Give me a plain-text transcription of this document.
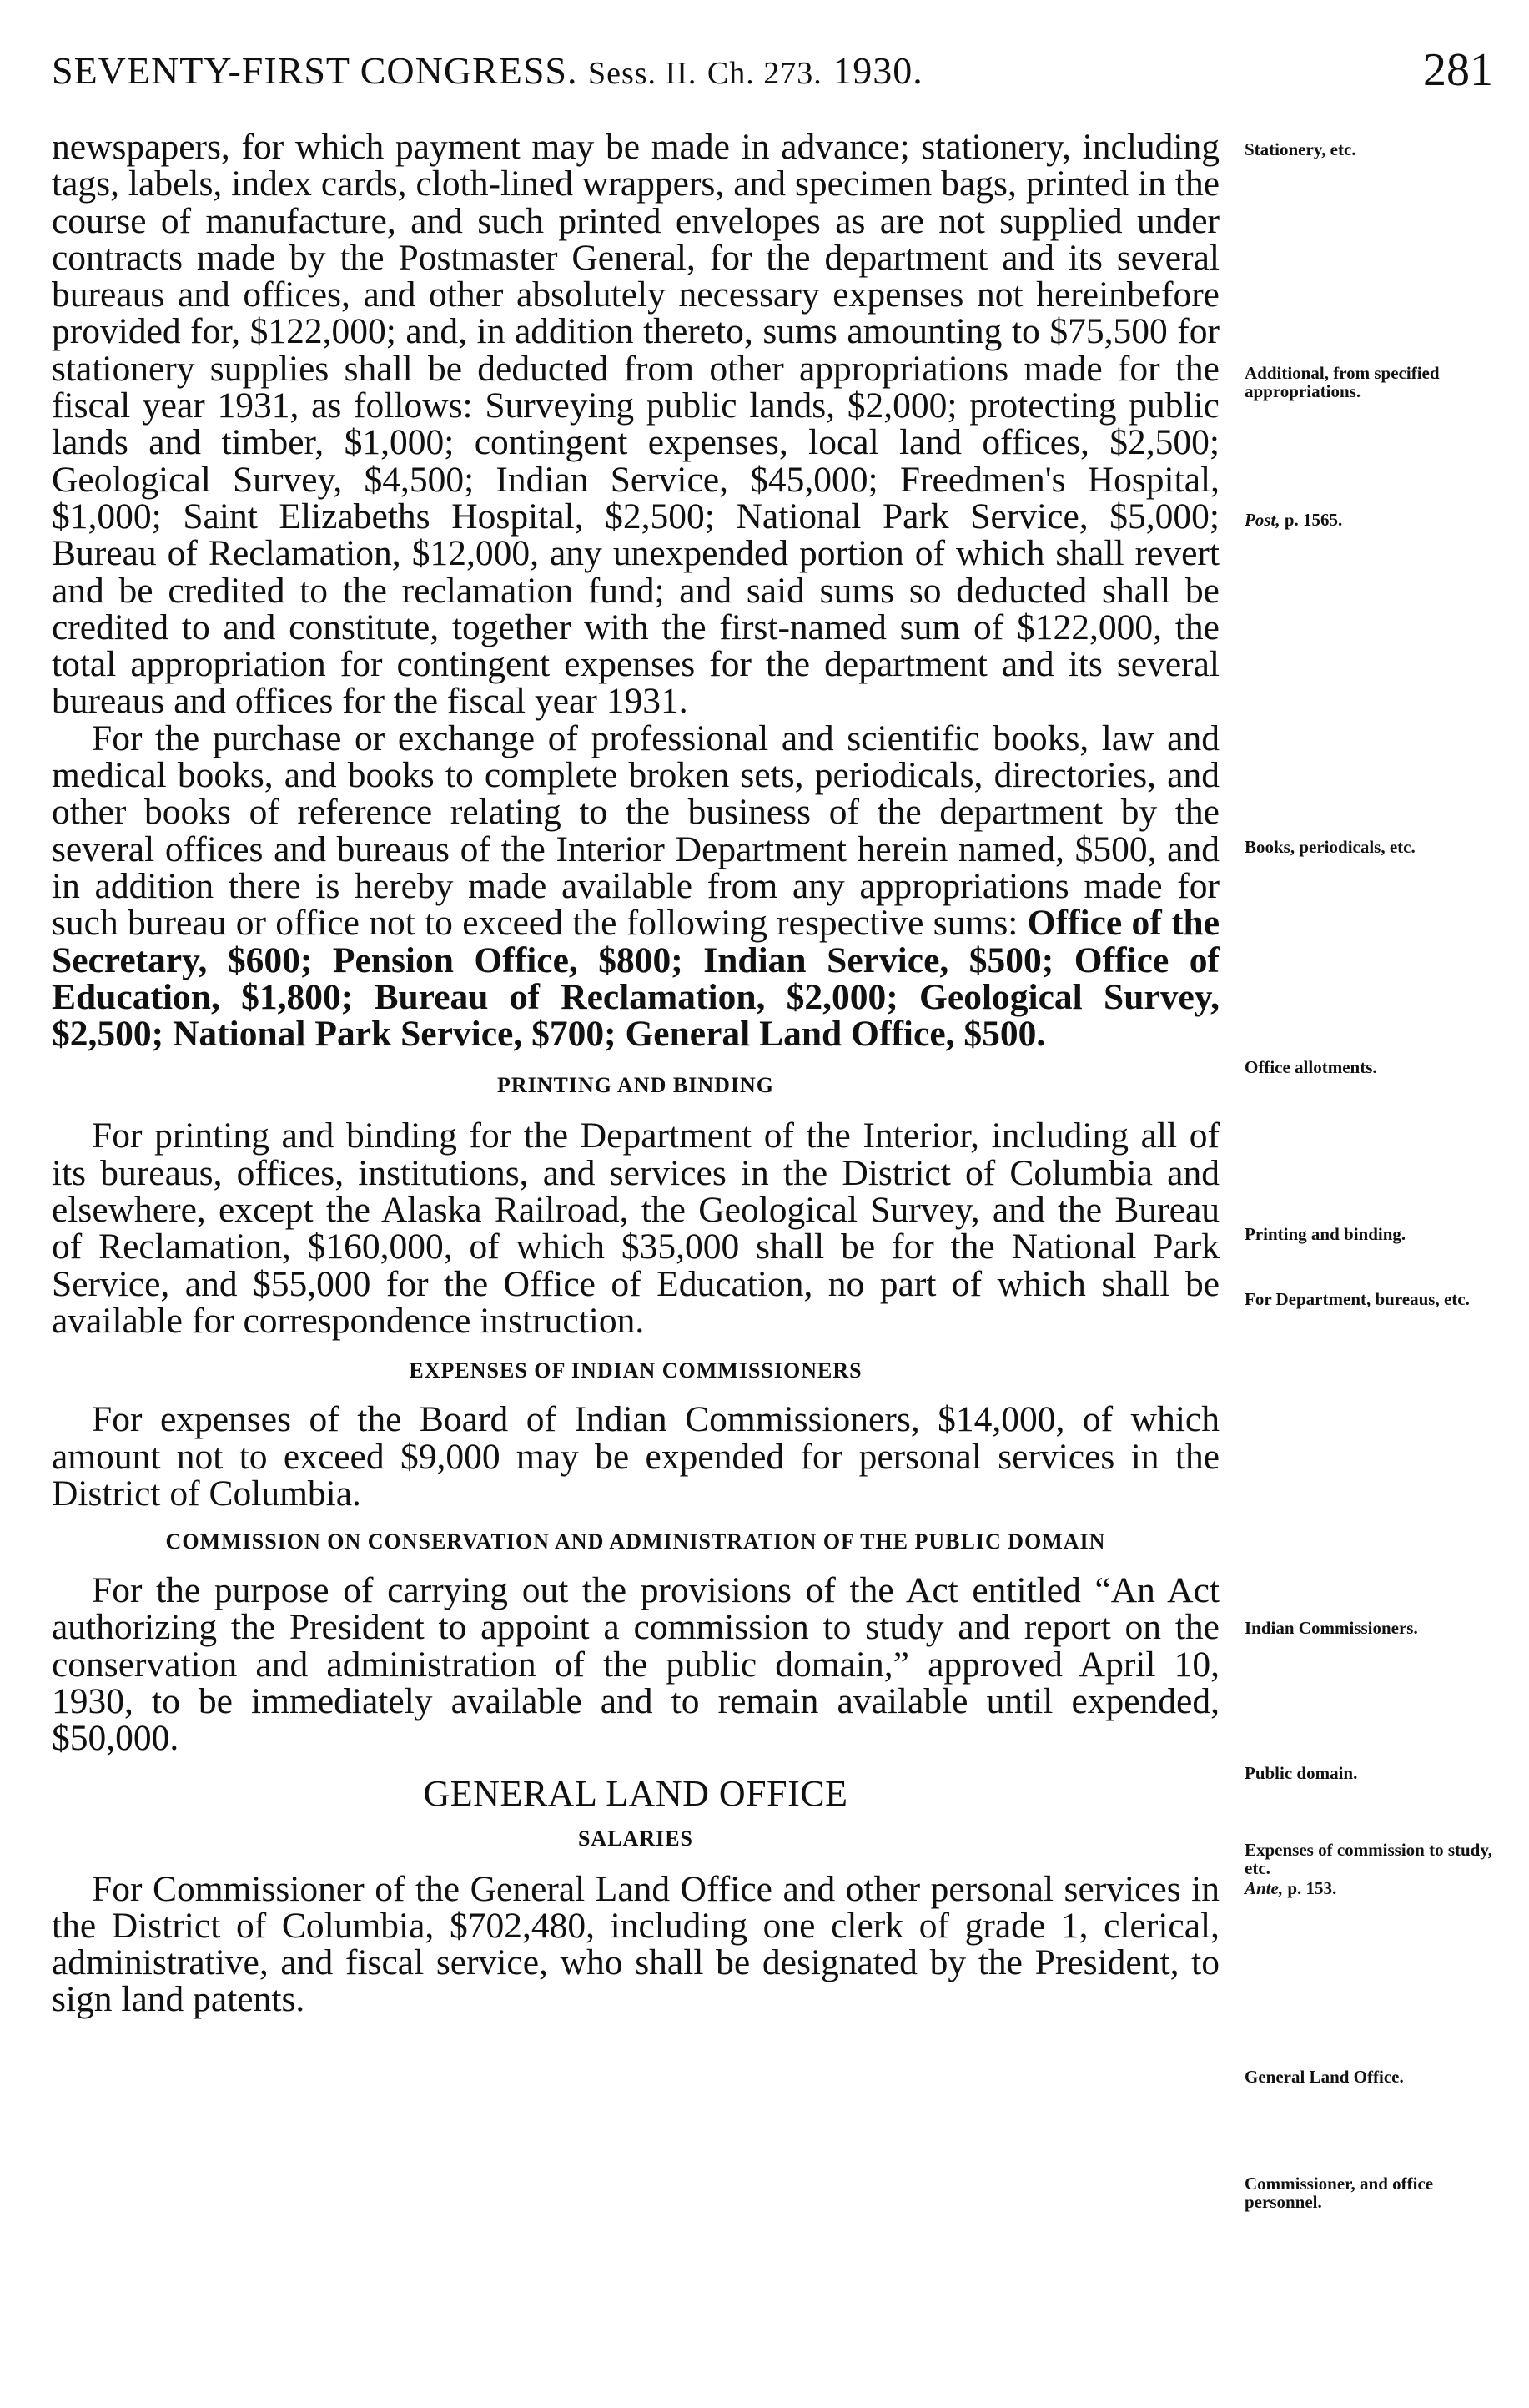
SEVENTY-FIRST CONGRESS. Sess. II. Ch. 273. 1930.	281

newspapers, for which payment may be made in advance; stationery, including tags, labels, index cards, cloth-lined wrappers, and specimen bags, printed in the course of manufacture, and such printed envelopes as are not supplied under contracts made by the Postmaster General, for the department and its several bureaus and offices, and other absolutely necessary expenses not hereinbefore provided for, $122,000; and, in addition thereto, sums amounting to $75,500 for stationery supplies shall be deducted from other appropriations made for the fiscal year 1931, as follows: Surveying public lands, $2,000; protecting public lands and timber, $1,000; contingent expenses, local land offices, $2,500; Geological Survey, $4,500; Indian Service, $45,000; Freedmen's Hospital, $1,000; Saint Elizabeths Hospital, $2,500; National Park Service, $5,000; Bureau of Reclamation, $12,000, any unexpended portion of which shall revert and be credited to the reclamation fund; and said sums so deducted shall be credited to and constitute, together with the first-named sum of $122,000, the total appropriation for contingent expenses for the department and its several bureaus and offices for the fiscal year 1931.

For the purchase or exchange of professional and scientific books, law and medical books, and books to complete broken sets, periodicals, directories, and other books of reference relating to the business of the department by the several offices and bureaus of the Interior Department herein named, $500, and in addition there is hereby made available from any appropriations made for such bureau or office not to exceed the following respective sums: Office of the Secretary, $600; Pension Office, $800; Indian Service, $500; Office of Education, $1,800; Bureau of Reclamation, $2,000; Geological Survey, $2,500; National Park Service, $700; General Land Office, $500.

PRINTING AND BINDING

For printing and binding for the Department of the Interior, including all of its bureaus, offices, institutions, and services in the District of Columbia and elsewhere, except the Alaska Railroad, the Geological Survey, and the Bureau of Reclamation, $160,000, of which $35,000 shall be for the National Park Service, and $55,000 for the Office of Education, no part of which shall be available for correspondence instruction.

EXPENSES OF INDIAN COMMISSIONERS

For expenses of the Board of Indian Commissioners, $14,000, of which amount not to exceed $9,000 may be expended for personal services in the District of Columbia.

COMMISSION ON CONSERVATION AND ADMINISTRATION OF THE PUBLIC DOMAIN

For the purpose of carrying out the provisions of the Act entitled “An Act authorizing the President to appoint a commission to study and report on the conservation and administration of the public domain,” approved April 10, 1930, to be immediately available and to remain available until expended, $50,000.

GENERAL LAND OFFICE
SALARIES

For Commissioner of the General Land Office and other personal services in the District of Columbia, $702,480, including one clerk of grade 1, clerical, administrative, and fiscal service, who shall be designated by the President, to sign land patents.

Stationery, etc.
Additional, from specified appropriations.
Post, p. 1565.
Books, periodicals, etc.
Office allotments.
Printing and binding.
For Department, bureaus, etc.
Indian Commissioners.
Public domain.
Expenses of commission to study, etc.
Ante, p. 153.
General Land Office.
Commissioner, and office personnel.
